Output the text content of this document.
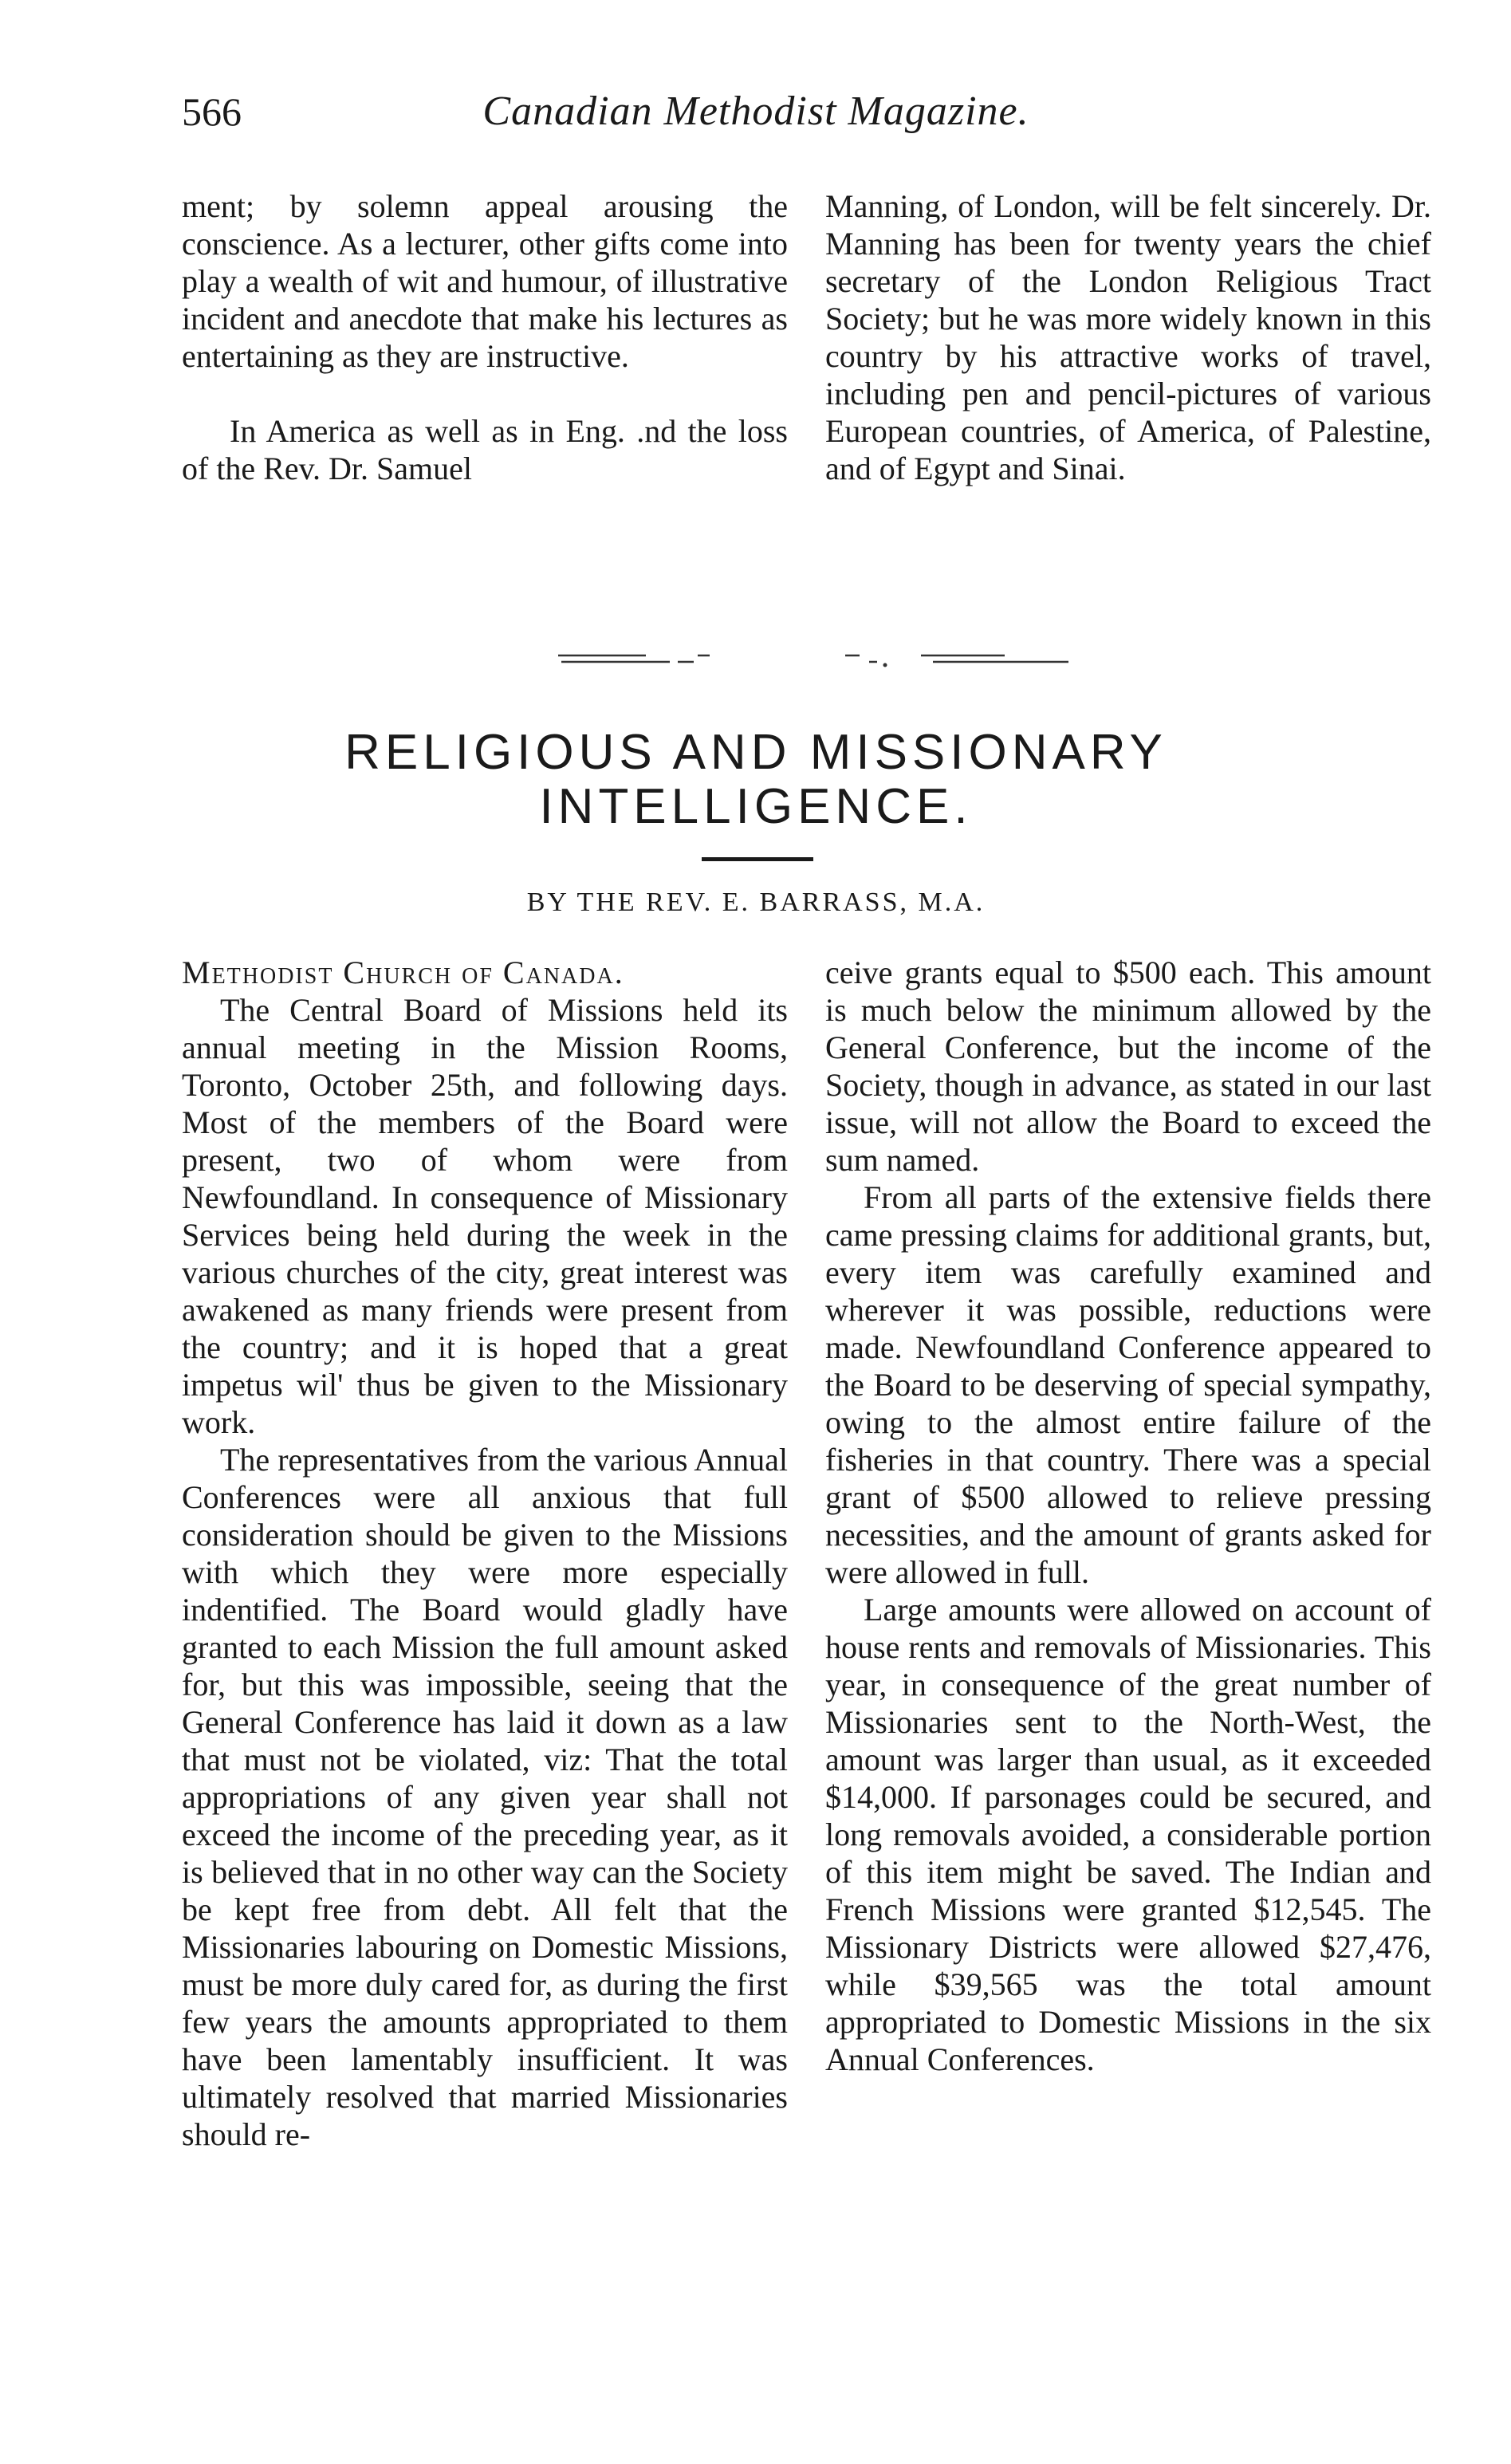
566	Canadian Methodist Magazine.

ment; by solemn appeal arousing the conscience. As a lecturer, other gifts come into play a wealth of wit and humour, of illustrative incident and anecdote that make his lectures as entertaining as they are instructive.

In America as well as in Eng. .nd the loss of the Rev. Dr. Samuel

Manning, of London, will be felt sincerely. Dr. Manning has been for twenty years the chief secretary of the London Religious Tract Society; but he was more widely known in this country by his attractive works of travel, including pen and pencil-pictures of various European countries, of America, of Palestine, and of Egypt and Sinai.

RELIGIOUS AND MISSIONARY INTELLIGENCE.
BY THE REV. E. BARRASS, M.A.

Methodist Church of Canada.

The Central Board of Missions held its annual meeting in the Mission Rooms, Toronto, October 25th, and following days. Most of the members of the Board were present, two of whom were from Newfoundland. In consequence of Missionary Services being held during the week in the various churches of the city, great interest was awakened as many friends were present from the country; and it is hoped that a great impetus wil' thus be given to the Missionary work.

The representatives from the various Annual Conferences were all anxious that full consideration should be given to the Missions with which they were more especially indentified. The Board would gladly have granted to each Mission the full amount asked for, but this was impossible, seeing that the General Conference has laid it down as a law that must not be violated, viz: That the total appropriations of any given year shall not exceed the income of the preceding year, as it is believed that in no other way can the Society be kept free from debt. All felt that the Missionaries labouring on Domestic Missions, must be more duly cared for, as during the first few years the amounts appropriated to them have been lamentably insufficient. It was ultimately resolved that married Missionaries should re-

ceive grants equal to $500 each. This amount is much below the minimum allowed by the General Conference, but the income of the Society, though in advance, as stated in our last issue, will not allow the Board to exceed the sum named.

From all parts of the extensive fields there came pressing claims for additional grants, but, every item was carefully examined and wherever it was possible, reductions were made. Newfoundland Conference appeared to the Board to be deserving of special sympathy, owing to the almost entire failure of the fisheries in that country. There was a special grant of $500 allowed to relieve pressing necessities, and the amount of grants asked for were allowed in full.

Large amounts were allowed on account of house rents and removals of Missionaries. This year, in consequence of the great number of Missionaries sent to the North-West, the amount was larger than usual, as it exceeded $14,000. If parsonages could be secured, and long removals avoided, a considerable portion of this item might be saved. The Indian and French Missions were granted $12,545. The Missionary Districts were allowed $27,476, while $39,565 was the total amount appropriated to Domestic Missions in the six Annual Conferences.
